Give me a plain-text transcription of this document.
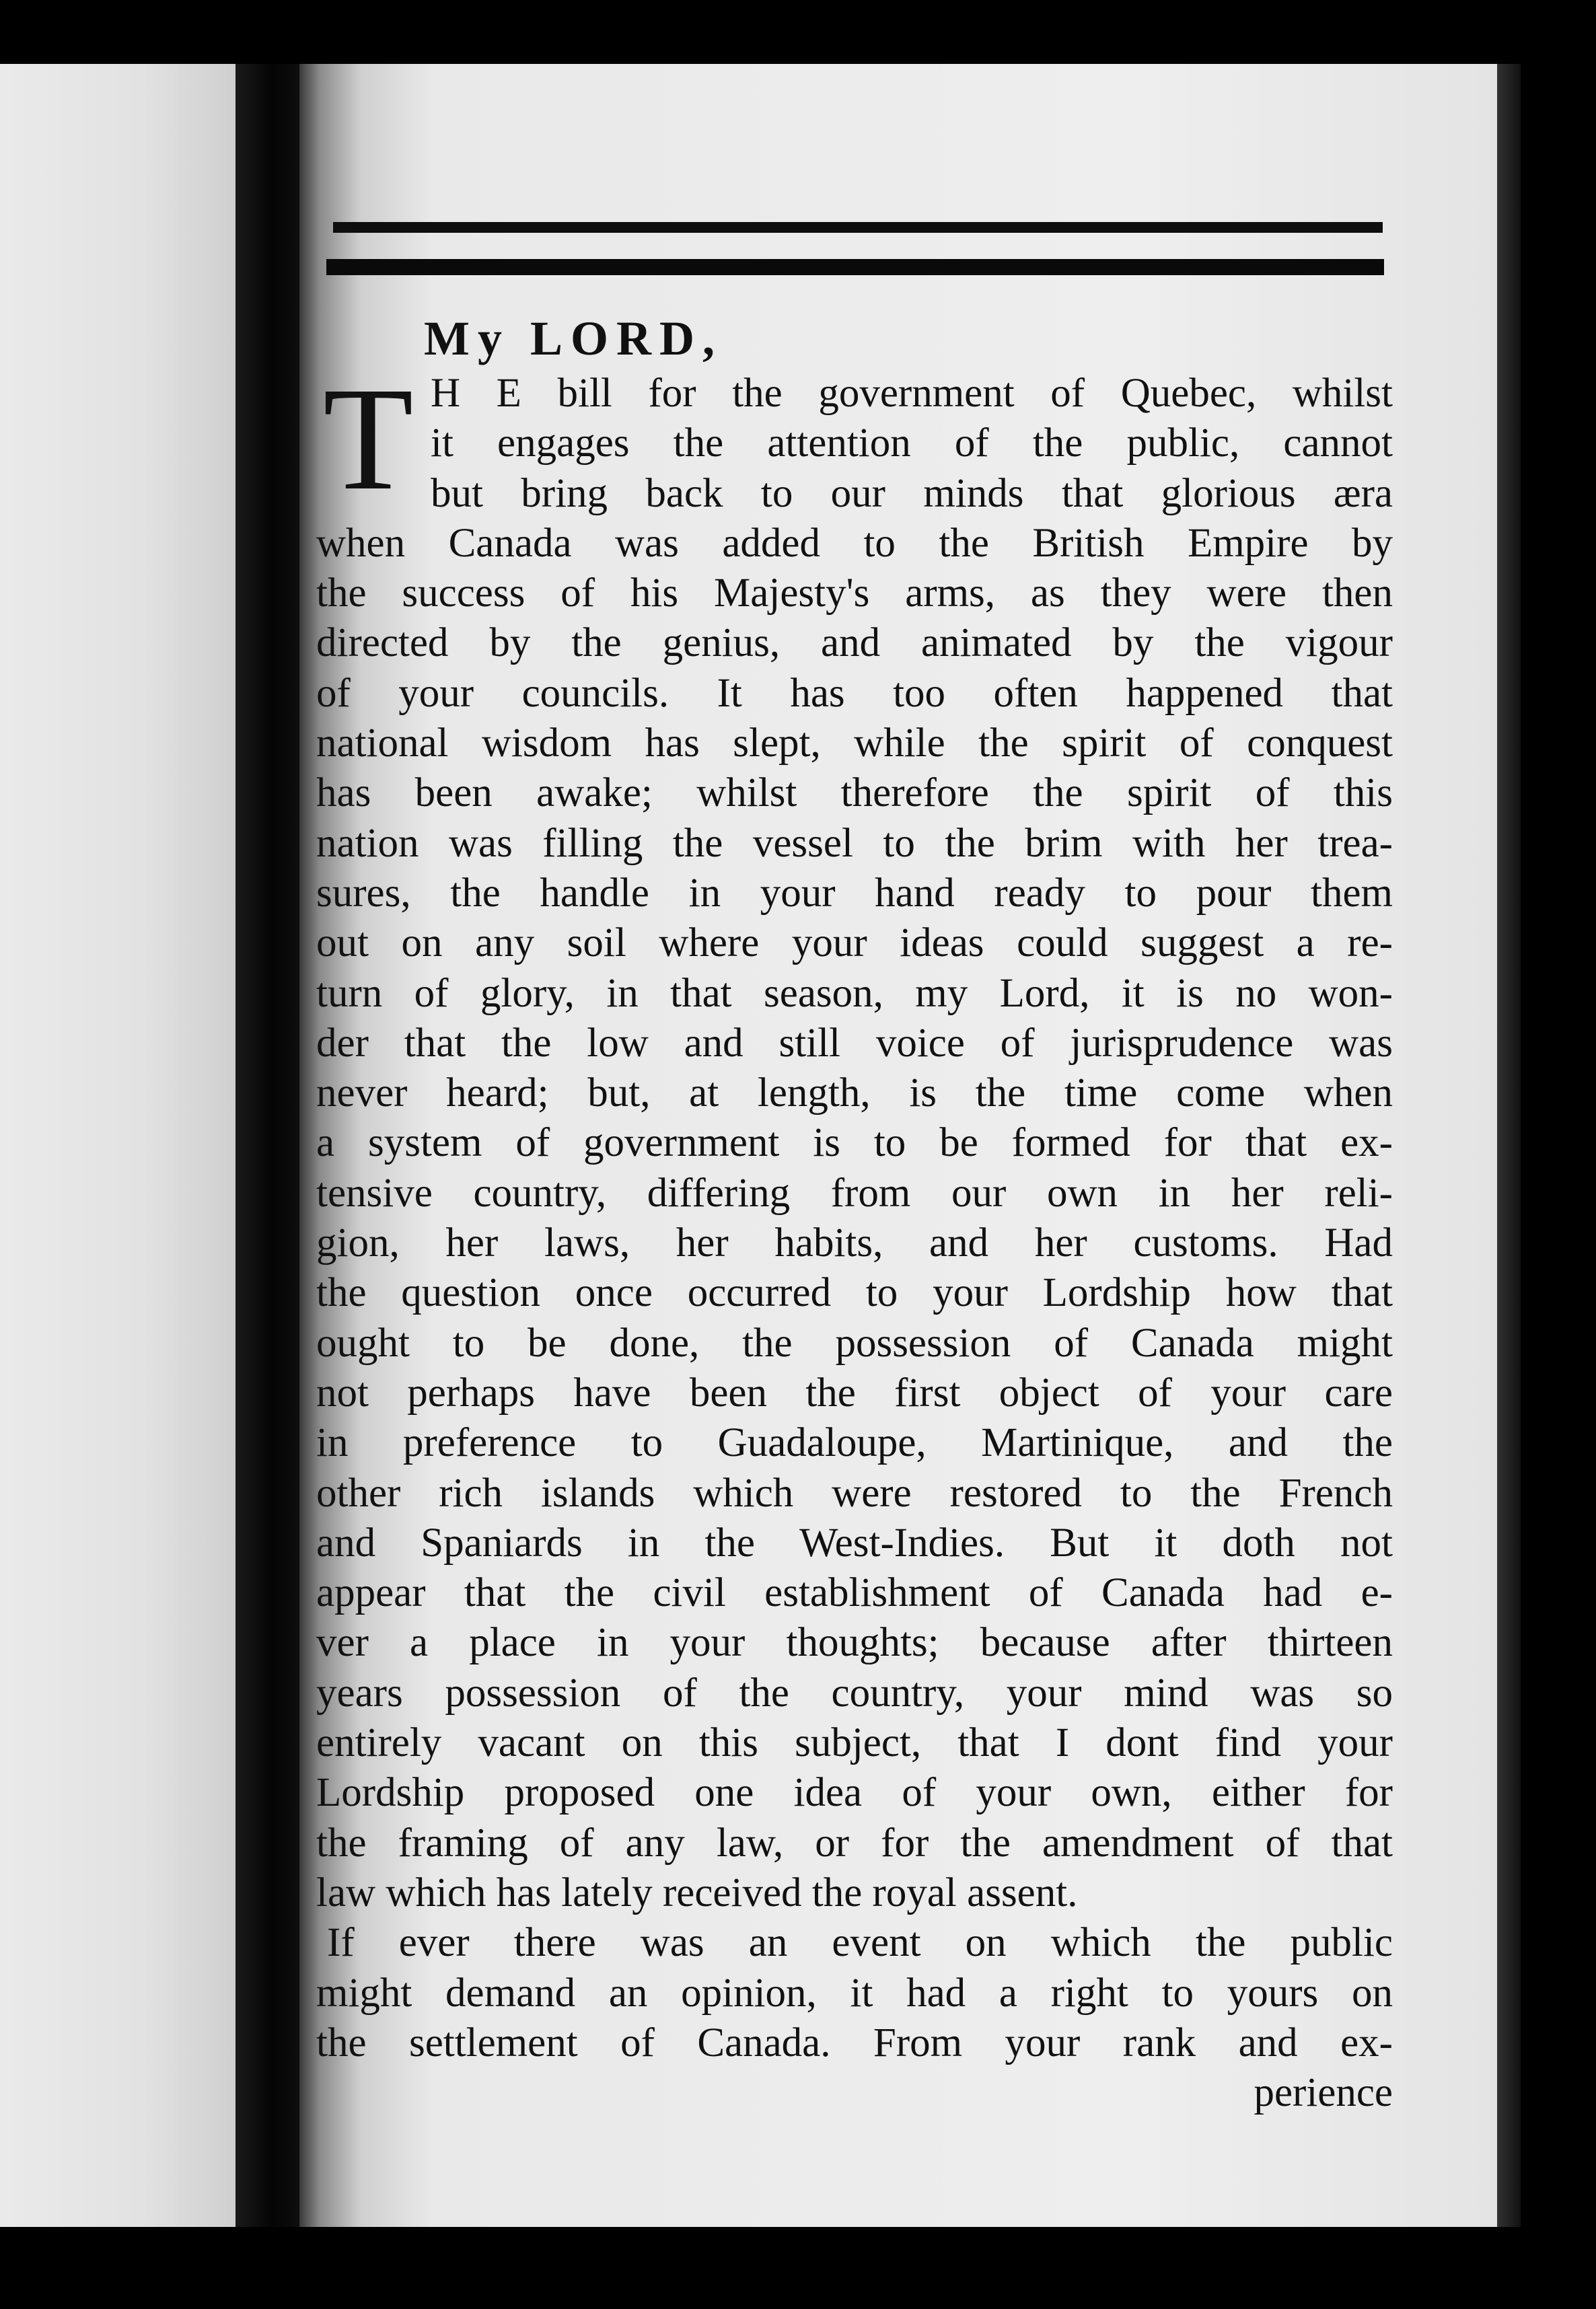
My LORD,
T H E bill for the government of Quebec, whilst
it engages the attention of the public, cannot
but bring back to our minds that glorious æra
when Canada was added to the British Empire by
the success of his Majesty's arms, as they were then
directed by the genius, and animated by the vigour
of your councils. It has too often happened that
national wisdom has slept, while the spirit of conquest
has been awake; whilst therefore the spirit of this
nation was filling the vessel to the brim with her trea-
sures, the handle in your hand ready to pour them
out on any soil where your ideas could suggest a re-
turn of glory, in that season, my Lord, it is no won-
der that the low and still voice of jurisprudence was
never heard; but, at length, is the time come when
a system of government is to be formed for that ex-
tensive country, differing from our own in her reli-
gion, her laws, her habits, and her customs. Had
the question once occurred to your Lordship how that
ought to be done, the possession of Canada might
not perhaps have been the first object of your care
in preference to Guadaloupe, Martinique, and the
other rich islands which were restored to the French
and Spaniards in the West-Indies. But it doth not
appear that the civil establishment of Canada had e-
ver a place in your thoughts; because after thirteen
years possession of the country, your mind was so
entirely vacant on this subject, that I dont find your
Lordship proposed one idea of your own, either for
the framing of any law, or for the amendment of that
law which has lately received the royal assent.
If ever there was an event on which the public
might demand an opinion, it had a right to yours on
the settlement of Canada. From your rank and ex-
perience
